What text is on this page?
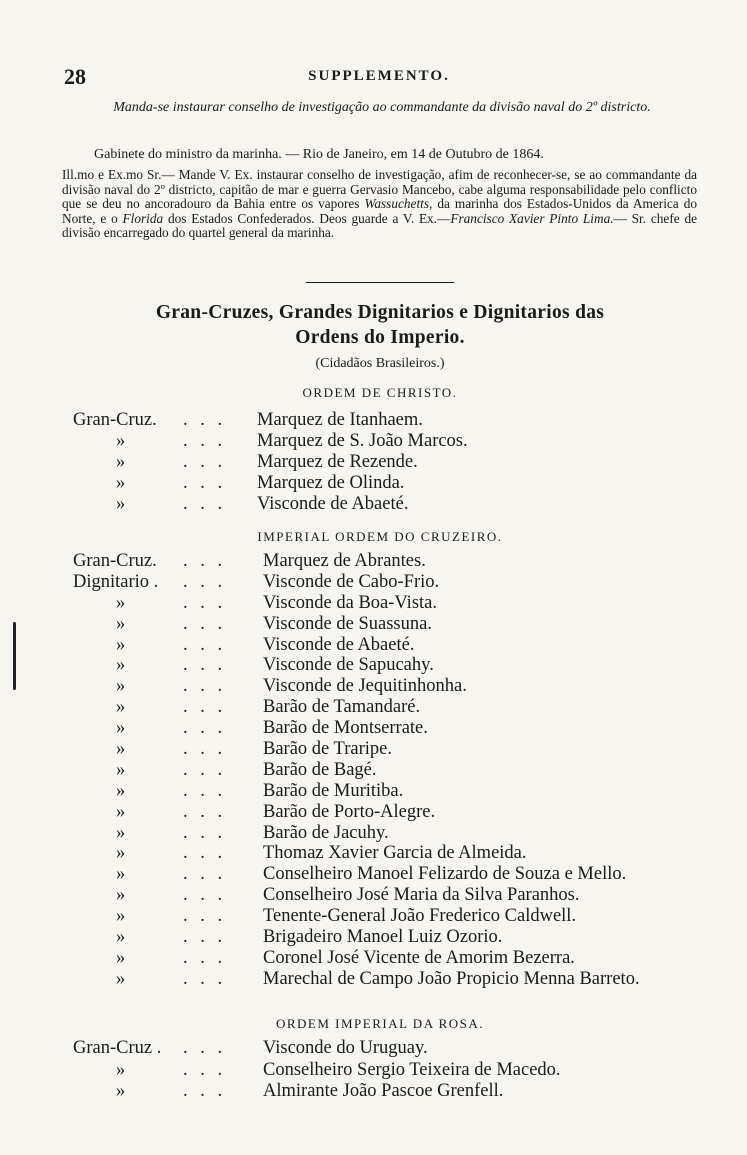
28	SUPPLEMENTO.
Manda-se instaurar conselho de investigação ao commandante da divisão naval do 2º districto.
Gabinete do ministro da marinha. — Rio de Janeiro, em 14 de Outubro de 1864.
Ill.mo e Ex.mo Sr.— Mande V. Ex. instaurar conselho de investigação, afim de reconhecer-se, se ao commandante da divisão naval do 2º districto, capitão de mar e guerra Gervasio Mancebo, cabe alguma responsabilidade pelo conflicto que se deu no ancoradouro da Bahia entre os vapores Wassuchetts, da marinha dos Estados-Unidos da America do Norte, e o Florida dos Estados Confederados. Deos guarde a V. Ex.—Francisco Xavier Pinto Lima.— Sr. chefe de divisão encarregado do quartel general da marinha.
Gran-Cruzes, Grandes Dignitarios e Dignitarios das
Ordens do Imperio.
(Cidadãos Brasileiros.)
ORDEM DE CHRISTO.
Gran-Cruz. . . . Marquez de Itanhaem.
»	. . . Marquez de S. João Marcos.
»	. . . Marquez de Rezende.
»	. . . Marquez de Olinda.
»	. . . Visconde de Abaeté.
IMPERIAL ORDEM DO CRUZEIRO.
Gran-Cruz. . . . Marquez de Abrantes.
Dignitario . . . . Visconde de Cabo-Frio.
»	. . . Visconde da Boa-Vista.
»	. . . Visconde de Suassuna.
»	. . . Visconde de Abaeté.
»	. . . Visconde de Sapucahy.
»	. . . Visconde de Jequitinhonha.
»	. . . Barão de Tamandaré.
»	. . . Barão de Montserrate.
»	. . . Barão de Traripe.
»	. . . Barão de Bagé.
»	. . . Barão de Muritiba.
»	. . . Barão de Porto-Alegre.
»	. . . Barão de Jacuhy.
»	. . . Thomaz Xavier Garcia de Almeida.
»	. . . Conselheiro Manoel Felizardo de Souza e Mello.
»	. . . Conselheiro José Maria da Silva Paranhos.
»	. . . Tenente-General João Frederico Caldwell.
»	. . . Brigadeiro Manoel Luiz Ozorio.
»	. . . Coronel José Vicente de Amorim Bezerra.
»	. . . Marechal de Campo João Propicio Menna Barreto.
ORDEM IMPERIAL DA ROSA.
Gran-Cruz . . . . Visconde do Uruguay.
»	. . . Conselheiro Sergio Teixeira de Macedo.
»	. . . Almirante João Pascoe Grenfell.
